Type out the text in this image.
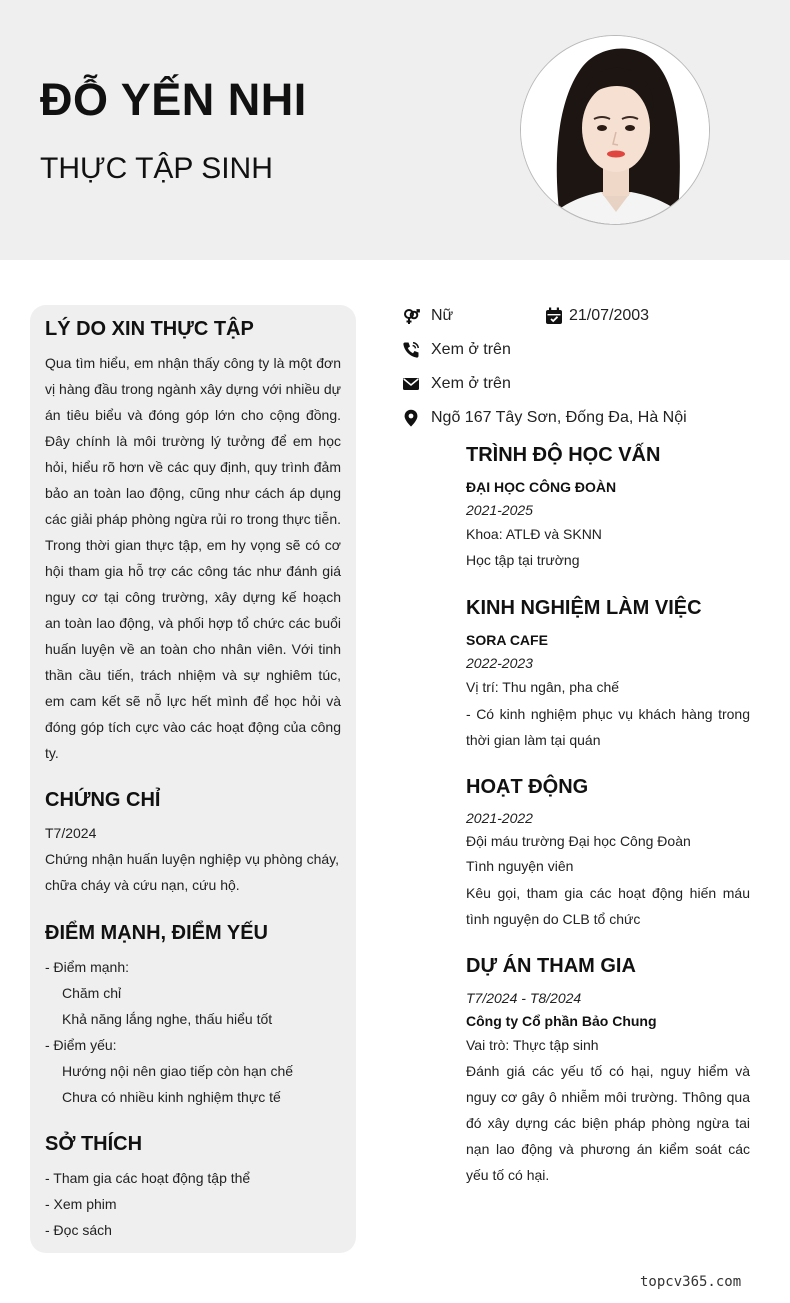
ĐỖ YẾN NHI
THỰC TẬP SINH
Nữ	21/07/2003
Xem ở trên
Xem ở trên
Ngõ 167 Tây Sơn, Đống Đa, Hà Nội
LÝ DO XIN THỰC TẬP
Qua tìm hiểu, em nhận thấy công ty là một đơn vị hàng đầu trong ngành xây dựng với nhiều dự án tiêu biểu và đóng góp lớn cho cộng đồng. Đây chính là môi trường lý tưởng để em học hỏi, hiểu rõ hơn về các quy định, quy trình đảm bảo an toàn lao động, cũng như cách áp dụng các giải pháp phòng ngừa rủi ro trong thực tiễn. Trong thời gian thực tập, em hy vọng sẽ có cơ hội tham gia hỗ trợ các công tác như đánh giá nguy cơ tại công trường, xây dựng kế hoạch an toàn lao động, và phối hợp tổ chức các buổi huấn luyện về an toàn cho nhân viên. Với tinh thần cầu tiến, trách nhiệm và sự nghiêm túc, em cam kết sẽ nỗ lực hết mình để học hỏi và đóng góp tích cực vào các hoạt động của công ty.
CHỨNG CHỈ
T7/2024
Chứng nhận huấn luyện nghiệp vụ phòng cháy, chữa cháy và cứu nạn, cứu hộ.
ĐIỂM MẠNH, ĐIỂM YẾU
- Điểm mạnh:
Chăm chỉ
Khả năng lắng nghe, thấu hiểu tốt
- Điểm yếu:
Hướng nội nên giao tiếp còn hạn chế
Chưa có nhiều kinh nghiệm thực tế
SỞ THÍCH
- Tham gia các hoạt động tập thể
- Xem phim
- Đọc sách
TRÌNH ĐỘ HỌC VẤN
ĐẠI HỌC CÔNG ĐOÀN
2021-2025
Khoa: ATLĐ và SKNN
Học tập tại trường
KINH NGHIỆM LÀM VIỆC
SORA CAFE
2022-2023
Vị trí: Thu ngân, pha chế
- Có kinh nghiệm phục vụ khách hàng trong thời gian làm tại quán
HOẠT ĐỘNG
2021-2022
Đội máu trường Đại học Công Đoàn
Tình nguyện viên
Kêu gọi, tham gia các hoạt động hiến máu tình nguyện do CLB tổ chức
DỰ ÁN THAM GIA
T7/2024 - T8/2024
Công ty Cổ phần Bảo Chung
Vai trò: Thực tập sinh
Đánh giá các yếu tố có hại, nguy hiểm và nguy cơ gây ô nhiễm môi trường. Thông qua đó xây dựng các biện pháp phòng ngừa tai nạn lao động và phương án kiểm soát các yếu tố có hại.
topcv365.com
